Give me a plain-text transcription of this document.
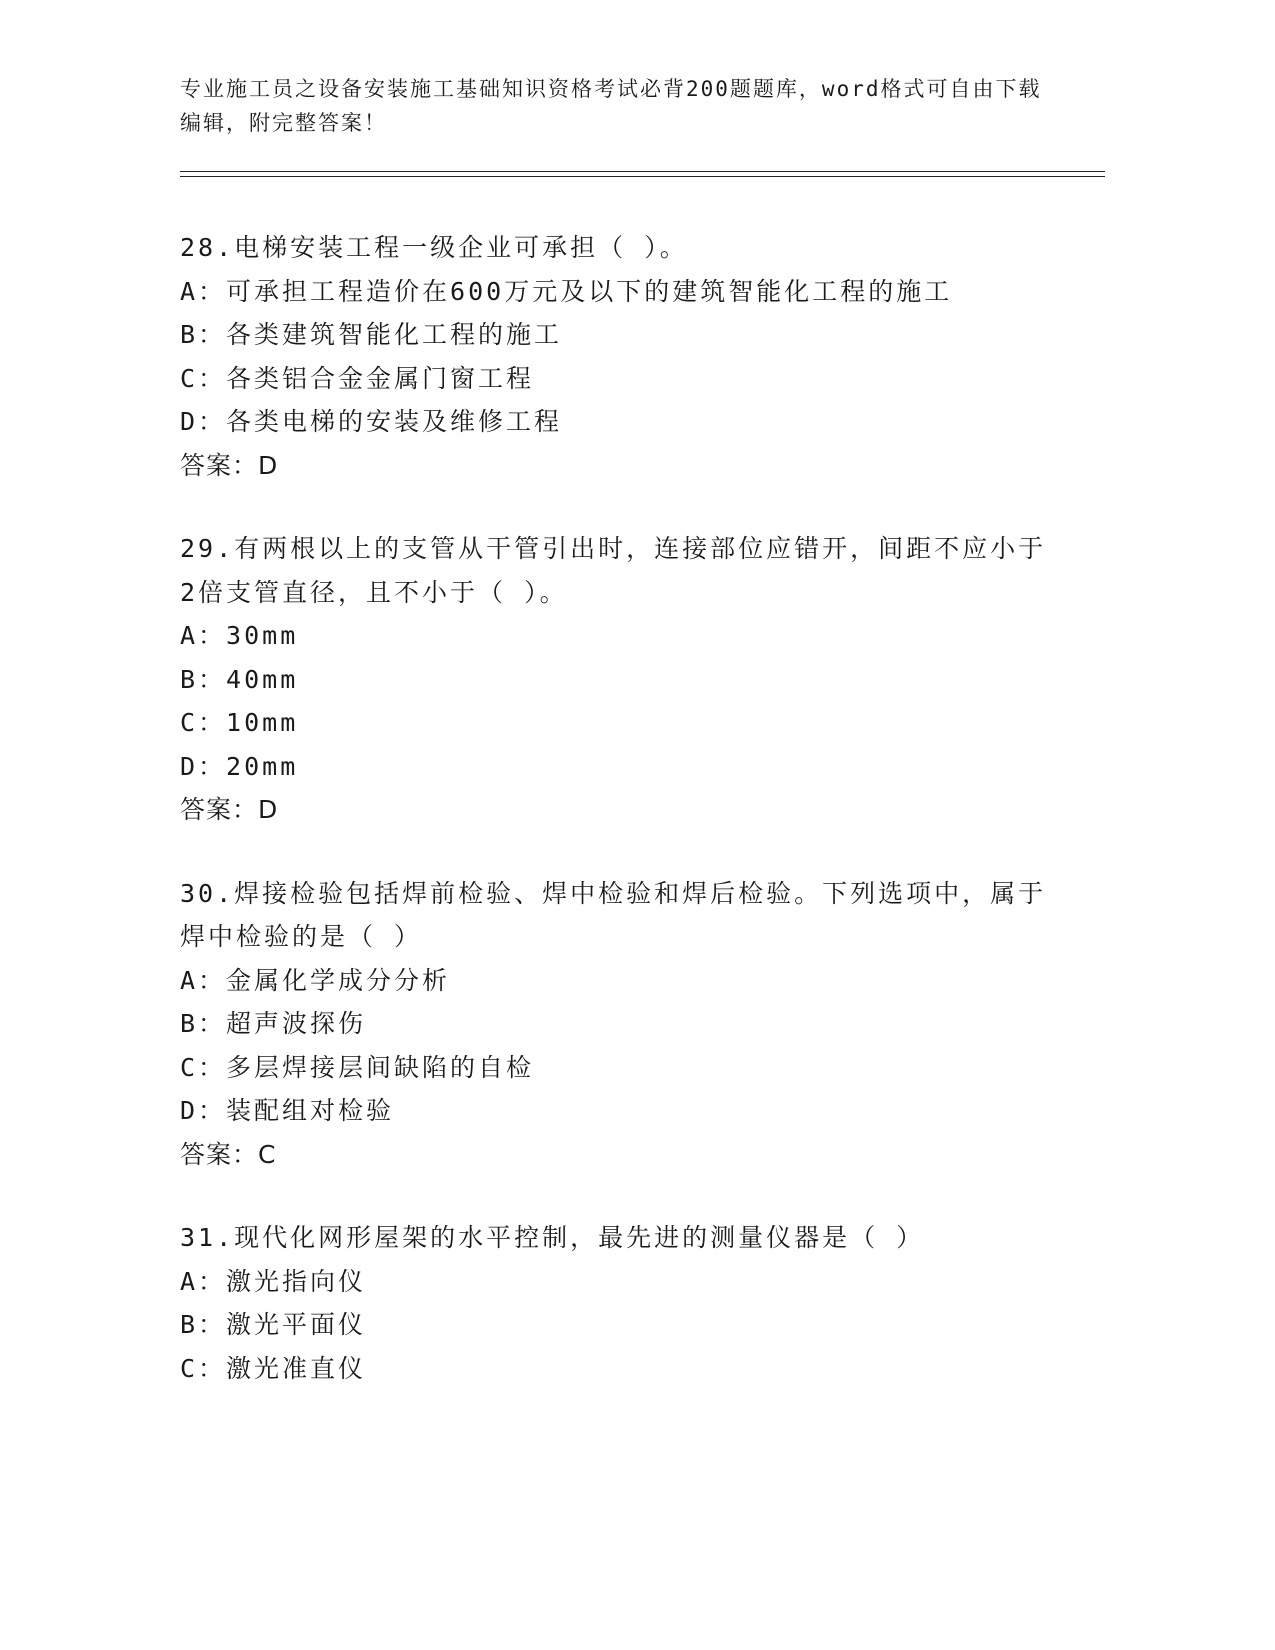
专业施工员之设备安装施工基础知识资格考试必背200题题库，word格式可自由下载编辑，附完整答案！
28.电梯安装工程一级企业可承担（ ）。
A：可承担工程造价在600万元及以下的建筑智能化工程的施工
B：各类建筑智能化工程的施工
C：各类铝合金金属门窗工程
D：各类电梯的安装及维修工程
答案：D
29.有两根以上的支管从干管引出时，连接部位应错开，间距不应小于2倍支管直径，且不小于（ ）。
A：30mm
B：40mm
C：10mm
D：20mm
答案：D
30.焊接检验包括焊前检验、焊中检验和焊后检验。下列选项中，属于焊中检验的是（ ）
A：金属化学成分分析
B：超声波探伤
C：多层焊接层间缺陷的自检
D：装配组对检验
答案：C
31.现代化网形屋架的水平控制，最先进的测量仪器是（ ）
A：激光指向仪
B：激光平面仪
C：激光准直仪
